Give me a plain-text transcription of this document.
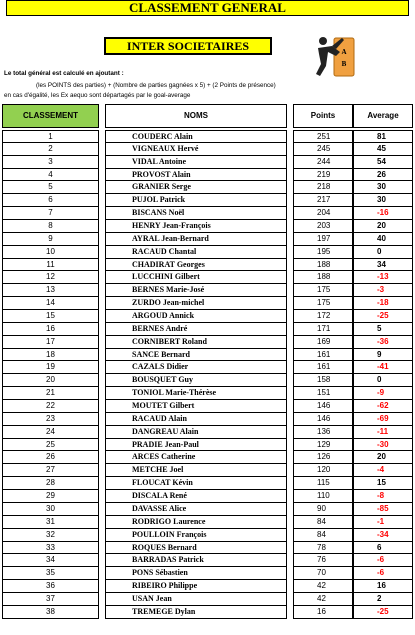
CLASSEMENT GENERAL
INTER SOCIETAIRES	A
B
Le total général est calculé en ajoutant :
(les POINTS des parties) + (Nombre de parties gagnées x 5) + (2 Points de présence)
en cas d'égalité, les Ex aequo sont départagés par le goal-average
CLASSEMENT	NOMS	Points	Average
1	COUDERC Alain	251	81
2	VIGNEAUX Hervé	245	45
3	VIDAL Antoine	244	54
4	PROVOST Alain	219	26
5	GRANIER Serge	218	30
6	PUJOL Patrick	217	30
7	BISCANS Noël	204	-16
8	HENRY Jean-François	203	20
9	AYRAL Jean-Bernard	197	40
10	RACAUD Chantal	195	0
11	CHADIRAT Georges	188	34
12	LUCCHINI Gilbert	188	-13
13	BERNES Marie-José	175	-3
14	ZURDO Jean-michel	175	-18
15	ARGOUD Annick	172	-25
16	BERNES André	171	5
17	CORNIBERT Roland	169	-36
18	SANCE Bernard	161	9
19	CAZALS Didier	161	-41
20	BOUSQUET Guy	158	0
21	TONIOL Marie-Thérèse	151	-9
22	MOUTET Gilbert	146	-62
23	RACAUD Alain	146	-69
24	DANGREAU Alain	136	-11
25	PRADIE Jean-Paul	129	-30
26	ARCES Catherine	126	20
27	METCHE Joel	120	-4
28	FLOUCAT Kévin	115	15
29	DISCALA René	110	-8
30	DAVASSE Alice	90	-85
31	RODRIGO Laurence	84	-1
32	POULLOIN François	84	-34
33	ROQUES Bernard	78	6
34	BARRADAS Patrick	76	-6
35	PONS Sébastien	70	-6
36	RIBEIRO Philippe	42	16
37	USAN Jean	42	2
38	TREMEGE Dylan	16	-25
